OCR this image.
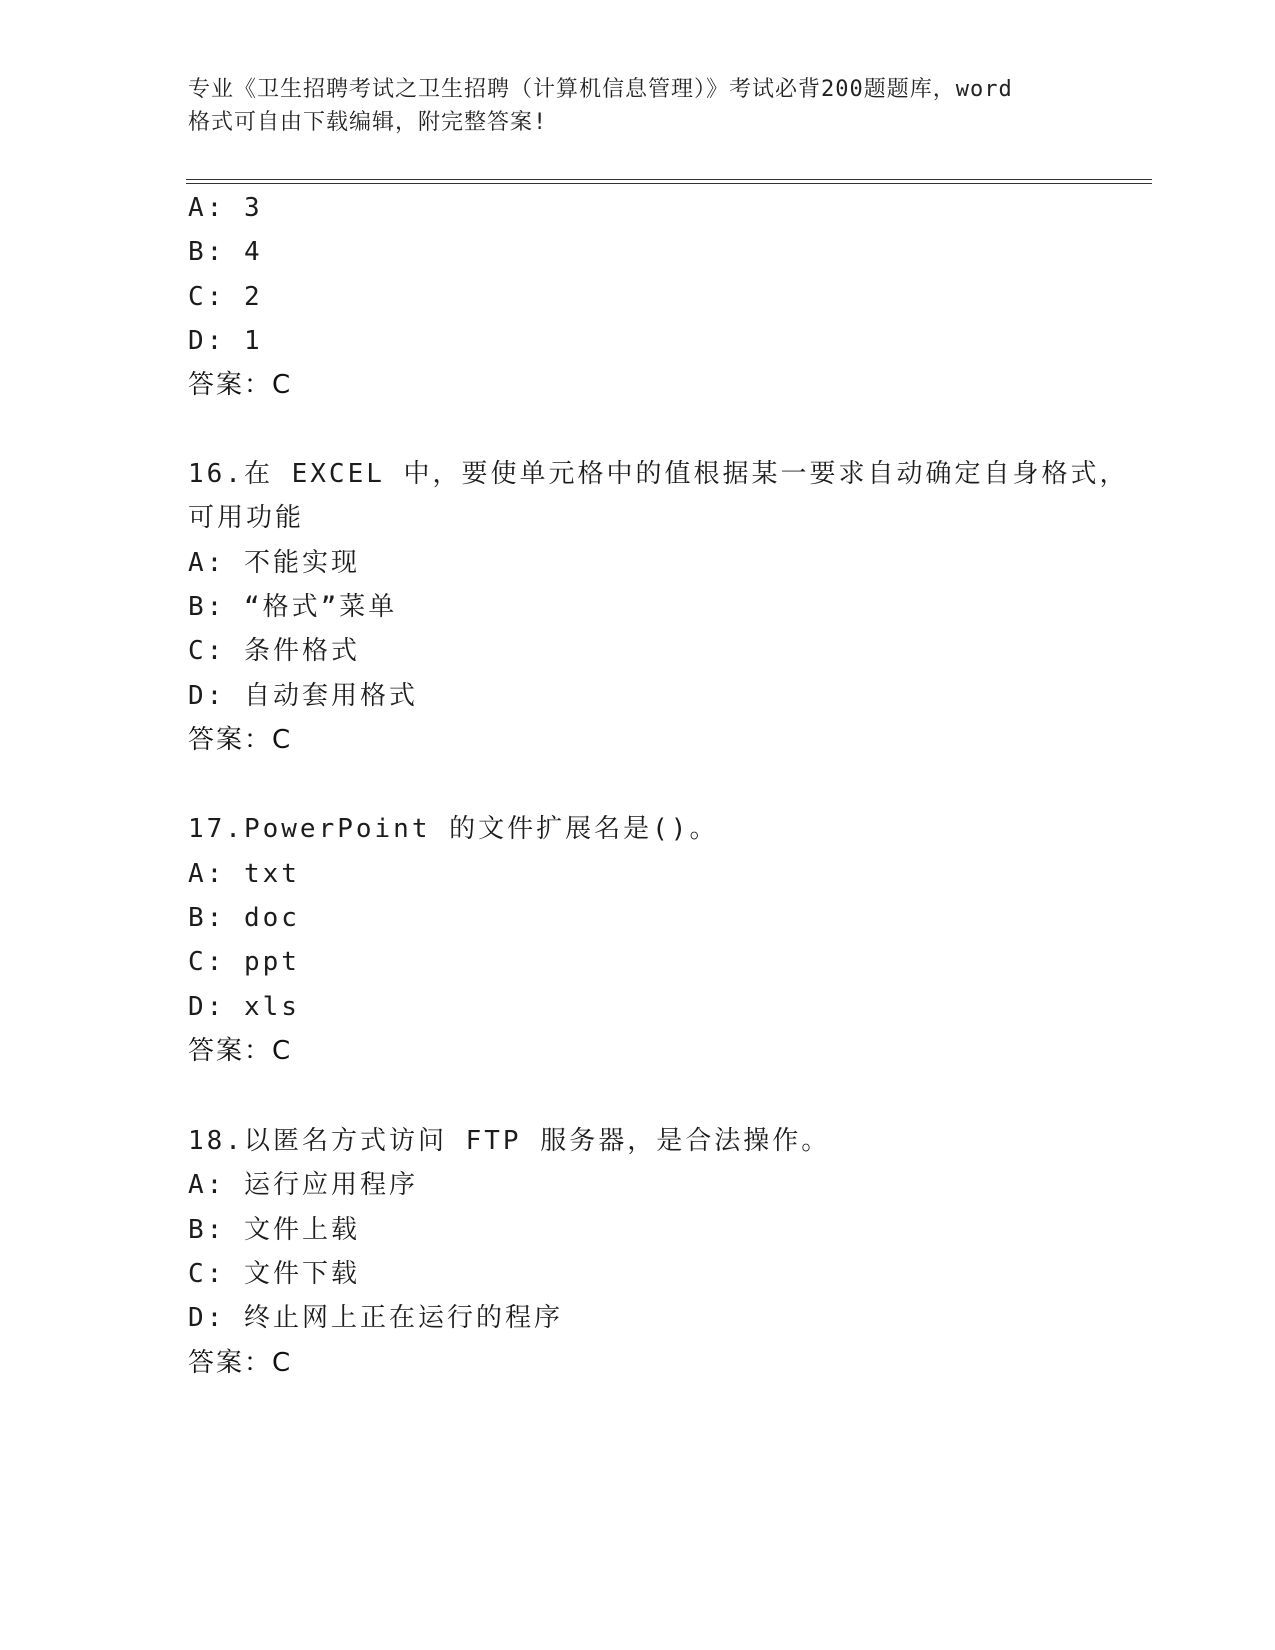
专业《卫生招聘考试之卫生招聘（计算机信息管理）》考试必背200题题库，word
格式可自由下载编辑，附完整答案!
A: 3
B: 4
C: 2
D: 1
答案：C
16.在 EXCEL 中，要使单元格中的值根据某一要求自动确定自身格式，
可用功能
A: 不能实现
B: “格式”菜单
C: 条件格式
D: 自动套用格式
答案：C
17.PowerPoint 的文件扩展名是()。
A: txt
B: doc
C: ppt
D: xls
答案：C
18.以匿名方式访问 FTP 服务器，是合法操作。
A: 运行应用程序
B: 文件上载
C: 文件下载
D: 终止网上正在运行的程序
答案：C
